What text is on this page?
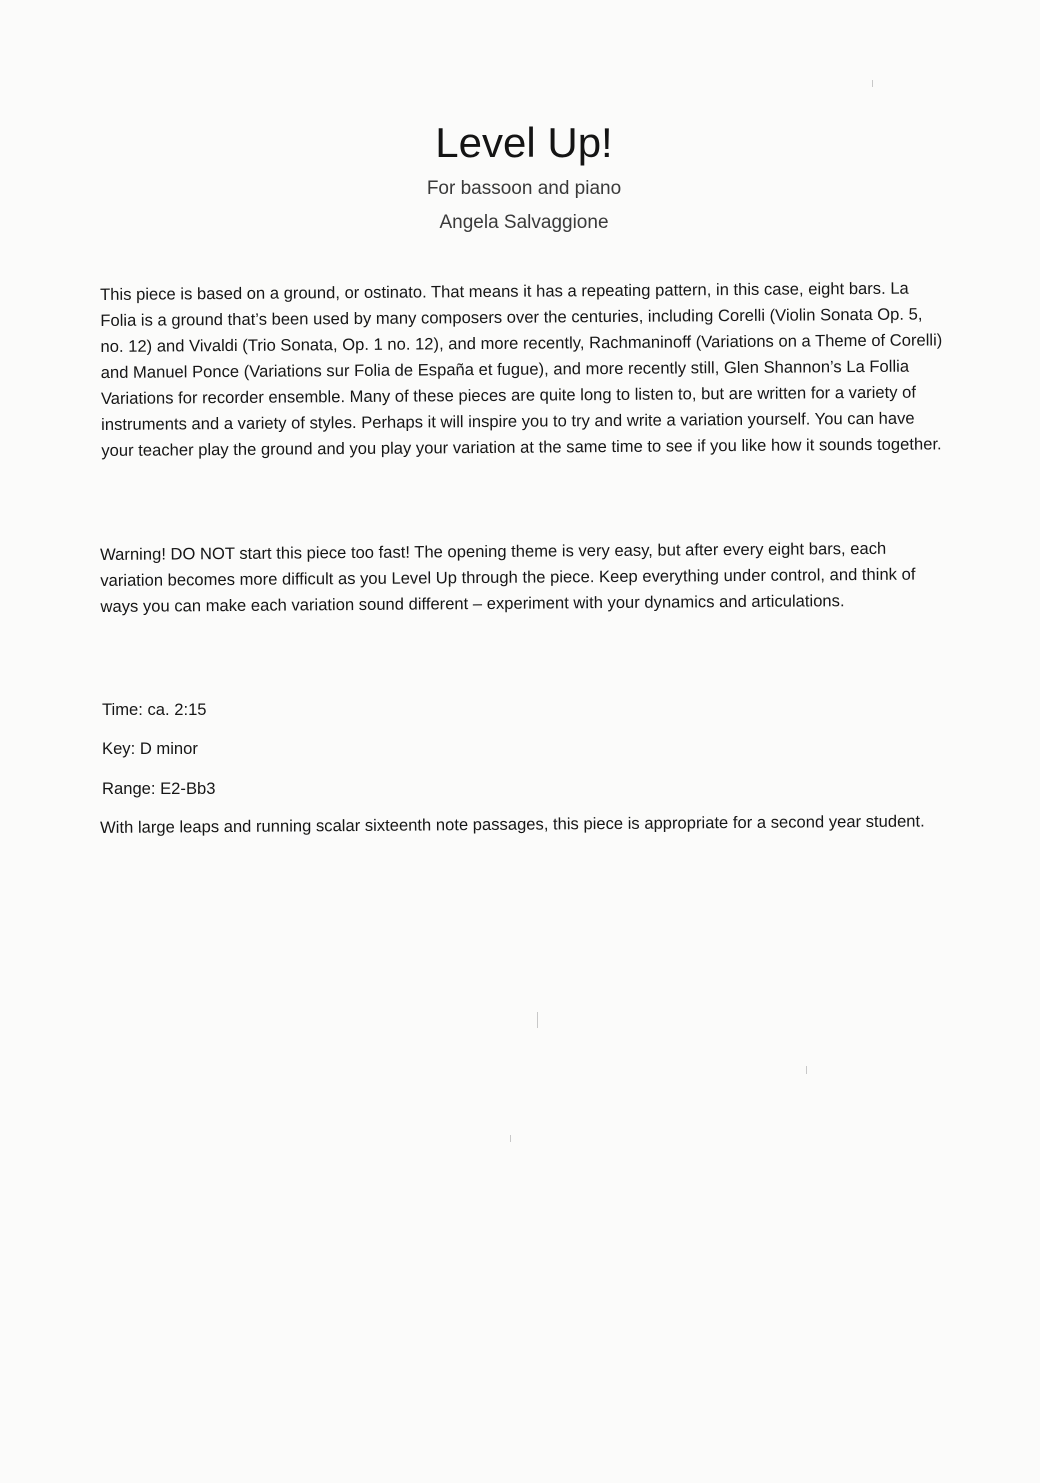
Level Up!
For bassoon and piano
Angela Salvaggione

This piece is based on a ground, or ostinato. That means it has a repeating pattern, in this case, eight bars. La Folia is a ground that’s been used by many composers over the centuries, including Corelli (Violin Sonata Op. 5, no. 12) and Vivaldi (Trio Sonata, Op. 1 no. 12), and more recently, Rachmaninoff (Variations on a Theme of Corelli) and Manuel Ponce (Variations sur Folia de España et fugue), and more recently still, Glen Shannon’s La Follia Variations for recorder ensemble. Many of these pieces are quite long to listen to, but are written for a variety of instruments and a variety of styles. Perhaps it will inspire you to try and write a variation yourself. You can have your teacher play the ground and you play your variation at the same time to see if you like how it sounds together.

Warning! DO NOT start this piece too fast! The opening theme is very easy, but after every eight bars, each variation becomes more difficult as you Level Up through the piece. Keep everything under control, and think of ways you can make each variation sound different – experiment with your dynamics and articulations.

Time: ca. 2:15

Key: D minor

Range: E2-Bb3

With large leaps and running scalar sixteenth note passages, this piece is appropriate for a second year student.
